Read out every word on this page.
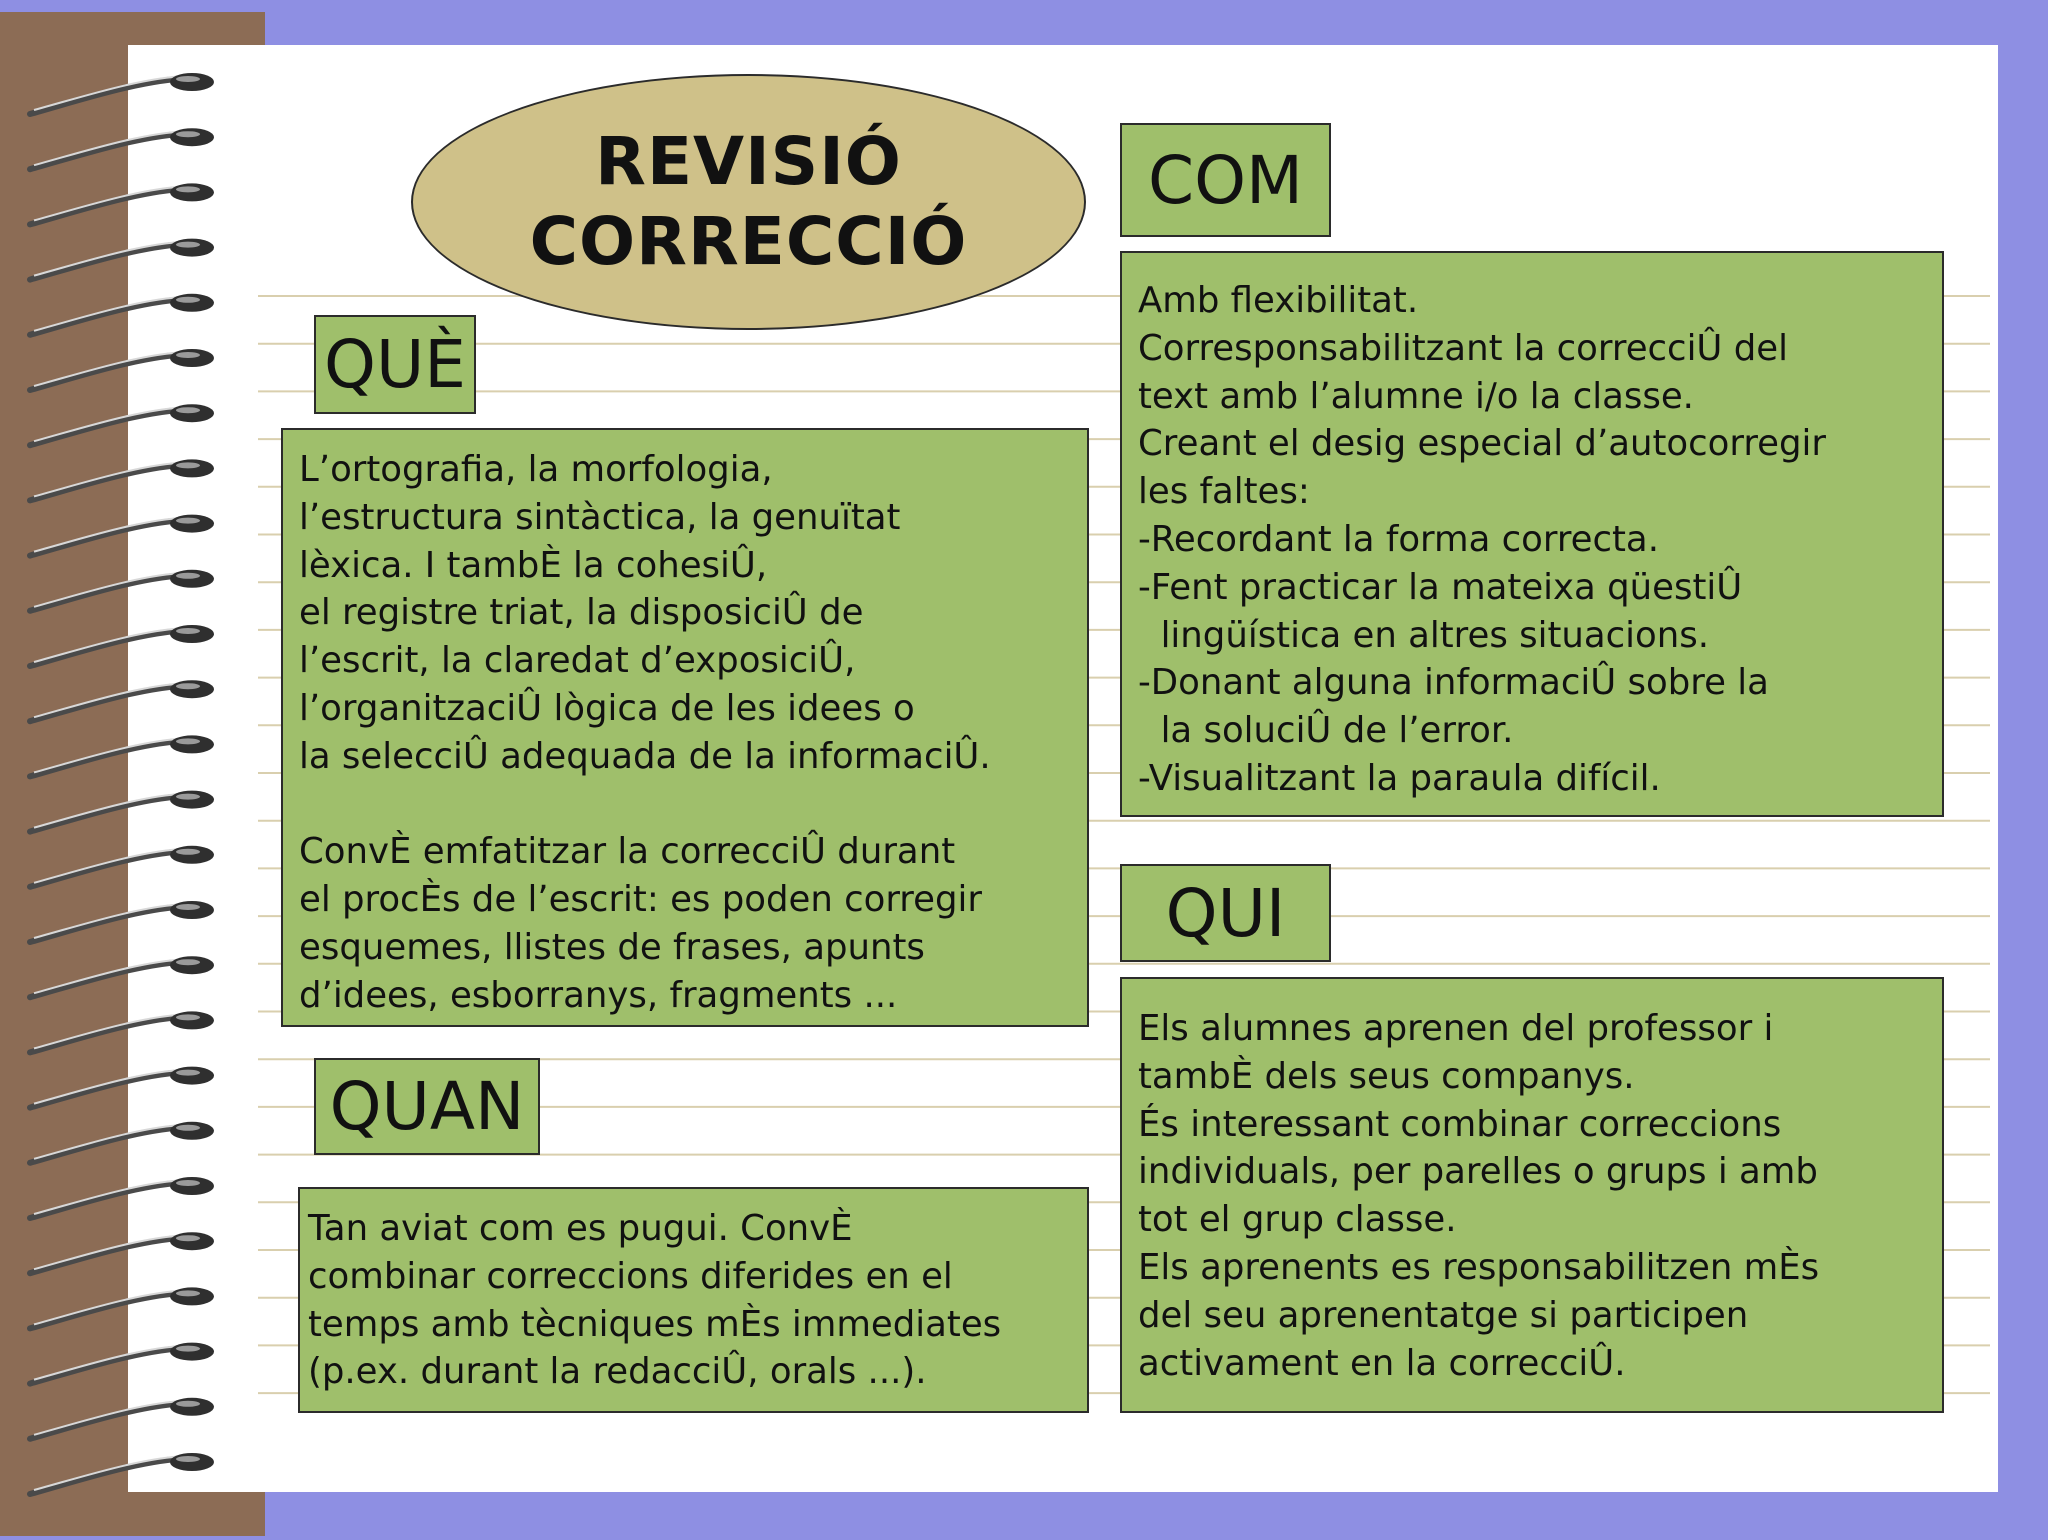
REVISIÓ
CORRECCIÓ
QUÈ
L’ortografia, la morfologia,
l’estructura sintàctica, la genuïtat
lèxica. I tambÈ la cohesiÛ,
el registre triat, la disposiciÛ de
l’escrit, la claredat d’exposiciÛ,
l’organitzaciÛ lògica de les idees o
la selecciÛ adequada de la informaciÛ.
ConvÈ emfatitzar la correcciÛ durant
el procÈs de l’escrit: es poden corregir
esquemes, llistes de frases, apunts
d’idees, esborranys, fragments ...
QUAN
Tan aviat com es pugui. ConvÈ
combinar correccions diferides en el
temps amb tècniques mÈs immediates
(p.ex. durant la redacciÛ, orals ...).
COM
Amb flexibilitat.
Corresponsabilitzant la correcciÛ del
text amb l’alumne i/o la classe.
Creant el desig especial d’autocorregir
les faltes:
-Recordant la forma correcta.
-Fent practicar la mateixa qüestiÛ
lingüística en altres situacions.
-Donant alguna informaciÛ sobre la
la soluciÛ de l’error.
-Visualitzant la paraula difícil.
QUI
Els alumnes aprenen del professor i
tambÈ dels seus companys.
És interessant combinar correccions
individuals, per parelles o grups i amb
tot el grup classe.
Els aprenents es responsabilitzen mÈs
del seu aprenentatge si participen
activament en la correcciÛ.
